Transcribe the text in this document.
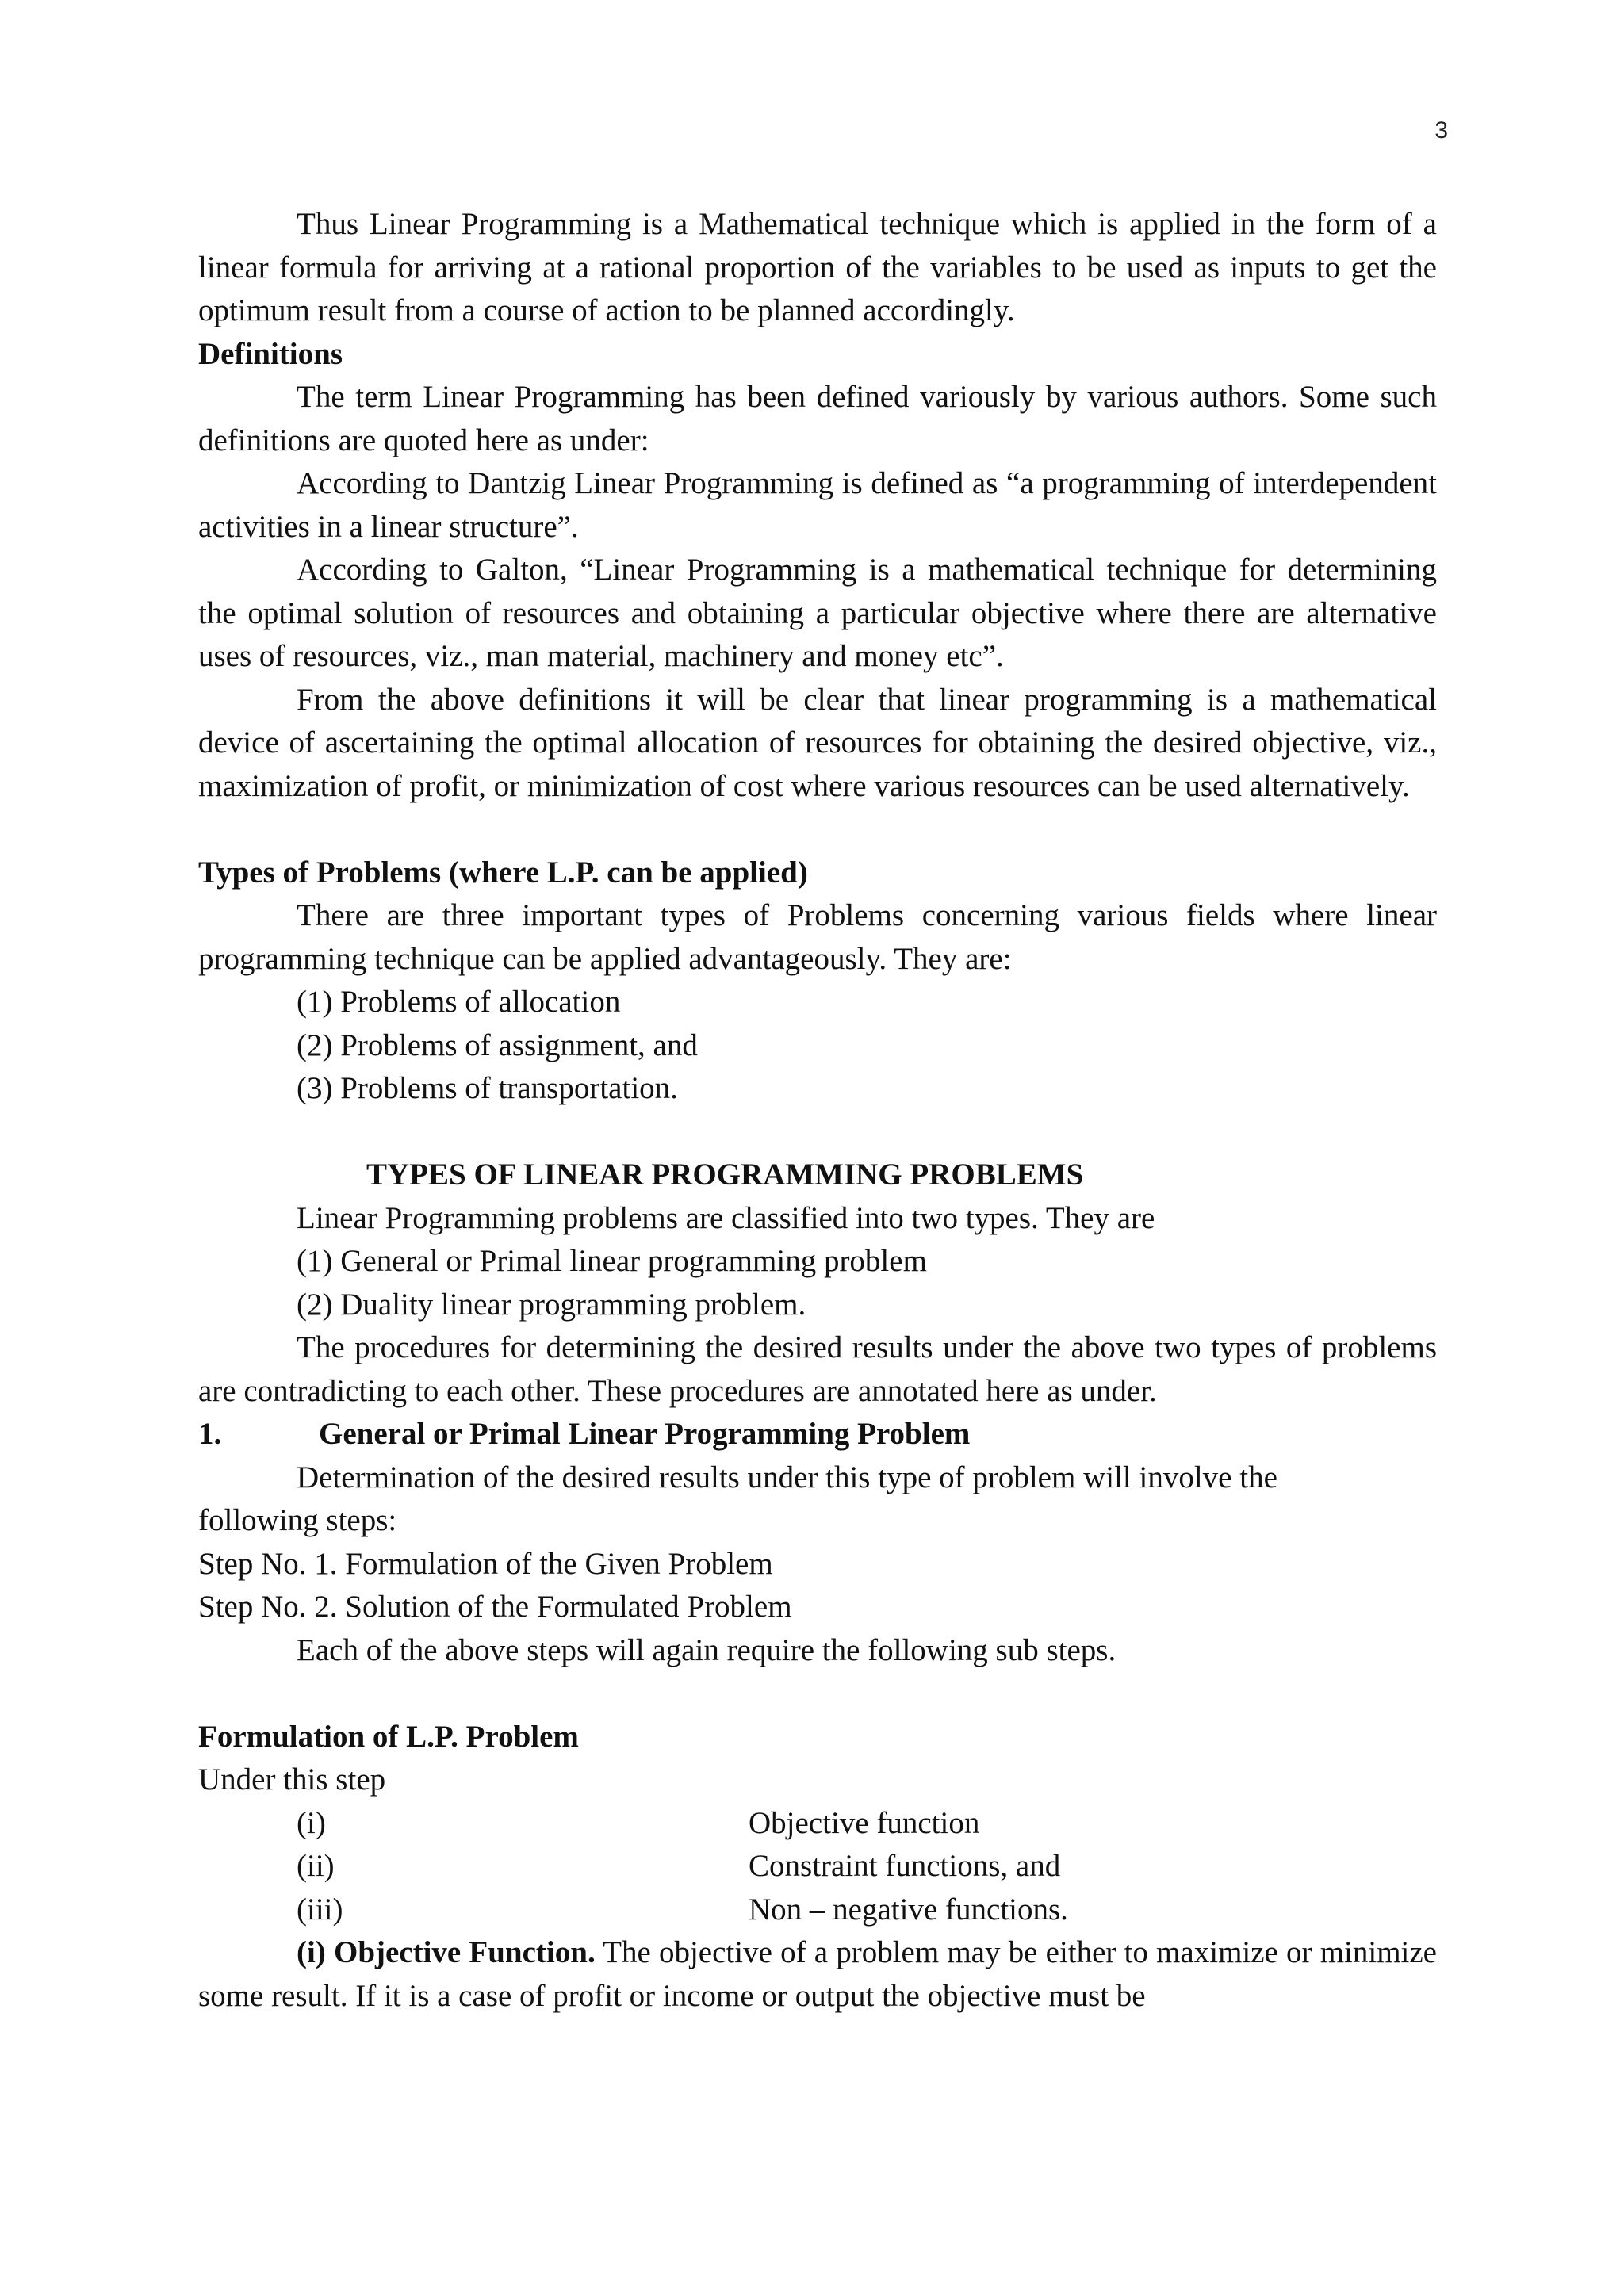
3

Thus Linear Programming is a Mathematical technique which is applied in the form of a linear formula for arriving at a rational proportion of the variables to be used as inputs to get the optimum result from a course of action to be planned accordingly.

Definitions

The term Linear Programming has been defined variously by various authors. Some such definitions are quoted here as under:

According to Dantzig Linear Programming is defined as “a programming of interdependent activities in a linear structure”.

According to Galton, “Linear Programming is a mathematical technique for determining the optimal solution of resources and obtaining a particular objective where there are alternative uses of resources, viz., man material, machinery and money etc”.

From the above definitions it will be clear that linear programming is a mathematical device of ascertaining the optimal allocation of resources for obtaining the desired objective, viz., maximization of profit, or minimization of cost where various resources can be used alternatively.

Types of Problems (where L.P. can be applied)

There are three important types of Problems concerning various fields where linear programming technique can be applied advantageously. They are:

(1) Problems of allocation
(2) Problems of assignment, and
(3) Problems of transportation.

TYPES OF LINEAR PROGRAMMING PROBLEMS

Linear Programming problems are classified into two types. They are

(1) General or Primal linear programming problem
(2) Duality linear programming problem.

The procedures for determining the desired results under the above two types of problems are contradicting to each other. These procedures are annotated here as under.

1.	General or Primal Linear Programming Problem

Determination of the desired results under this type of problem will involve the

following steps:

Step No. 1. Formulation of the Given Problem

Step No. 2. Solution of the Formulated Problem

Each of the above steps will again require the following sub steps.

Formulation of L.P. Problem

Under this step

(i)	Objective function
(ii)	Constraint functions, and
(iii)	Non – negative functions.

(i) Objective Function. The objective of a problem may be either to maximize or minimize some result. If it is a case of profit or income or output the objective must be
